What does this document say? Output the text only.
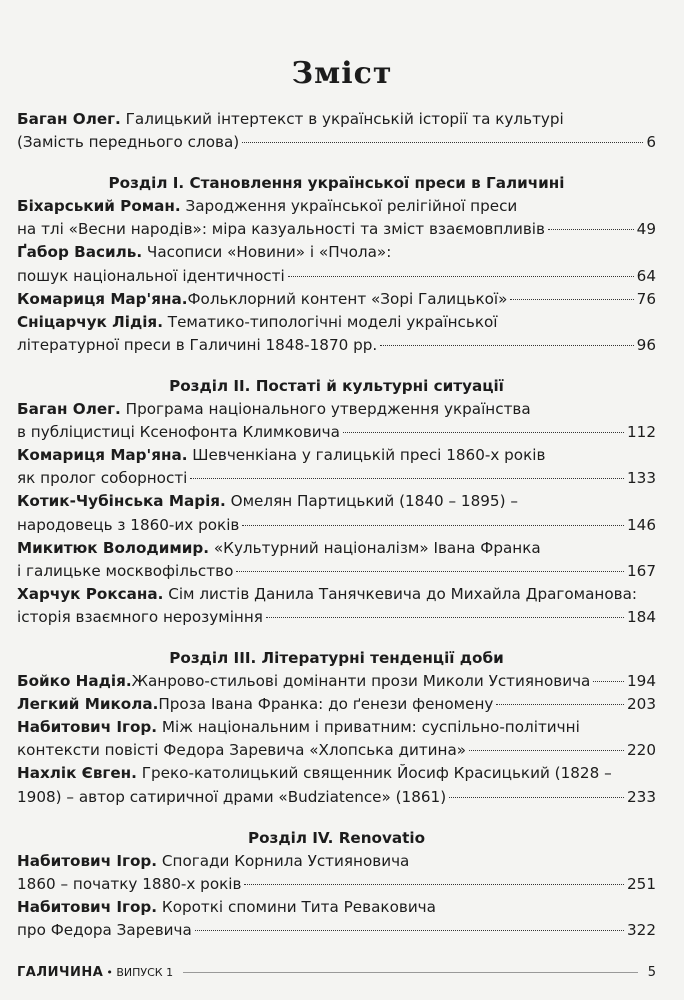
Зміст
Баган Олег. Галицький інтертекст в українській історії та культурі
(Замість переднього слова)	6
Розділ І. Становлення української преси в Галичині
Біхарський Роман. Зародження української релігійної преси
на тлі «Весни народів»: міра казуальності та зміст взаємовпливів	49
Ґабор Василь. Часописи «Новини» і «Пчола»:
пошук національної ідентичності	64
Комариця Мар'яна. Фольклорний контент «Зорі Галицької»	76
Сніцарчук Лідія. Тематико-типологічні моделі української
літературної преси в Галичині 1848-1870 рр.	96
Розділ ІІ. Постаті й культурні ситуації
Баган Олег. Програма національного утвердження українства
в публіцистиці Ксенофонта Климковича	112
Комариця Мар'яна. Шевченкіана у галицькій пресі 1860-х років
як пролог соборності	133
Котик-Чубінська Марія. Омелян Партицький (1840 – 1895) –
народовець з 1860-их років	146
Микитюк Володимир. «Культурний націоналізм» Івана Франка
і галицьке москвофільство	167
Харчук Роксана. Сім листів Данила Танячкевича до Михайла Драгоманова:
історія взаємного нерозуміння	184
Розділ ІІІ. Літературні тенденції доби
Бойко Надія. Жанрово-стильові домінанти прози Миколи Устияновича 194
Легкий Микола. Проза Івана Франка: до ґенези феномену	203
Набитович Ігор. Між національним і приватним: суспільно-політичні
контексти повісті Федора Заревича «Хлопська дитина»	220
Нахлік Євген. Греко-католицький священник Йосиф Красицький (1828 –
1908) – автор сатиричної драми «Budziatence» (1861)	233
Розділ IV. Renovatio
Набитович Ігор. Спогади Корнила Устияновича
1860 – початку 1880-х років	251
Набитович Ігор. Короткі спомини Тита Реваковича
про Федора Заревича	322
ГАЛИЧИНА • ВИПУСК 1	5
